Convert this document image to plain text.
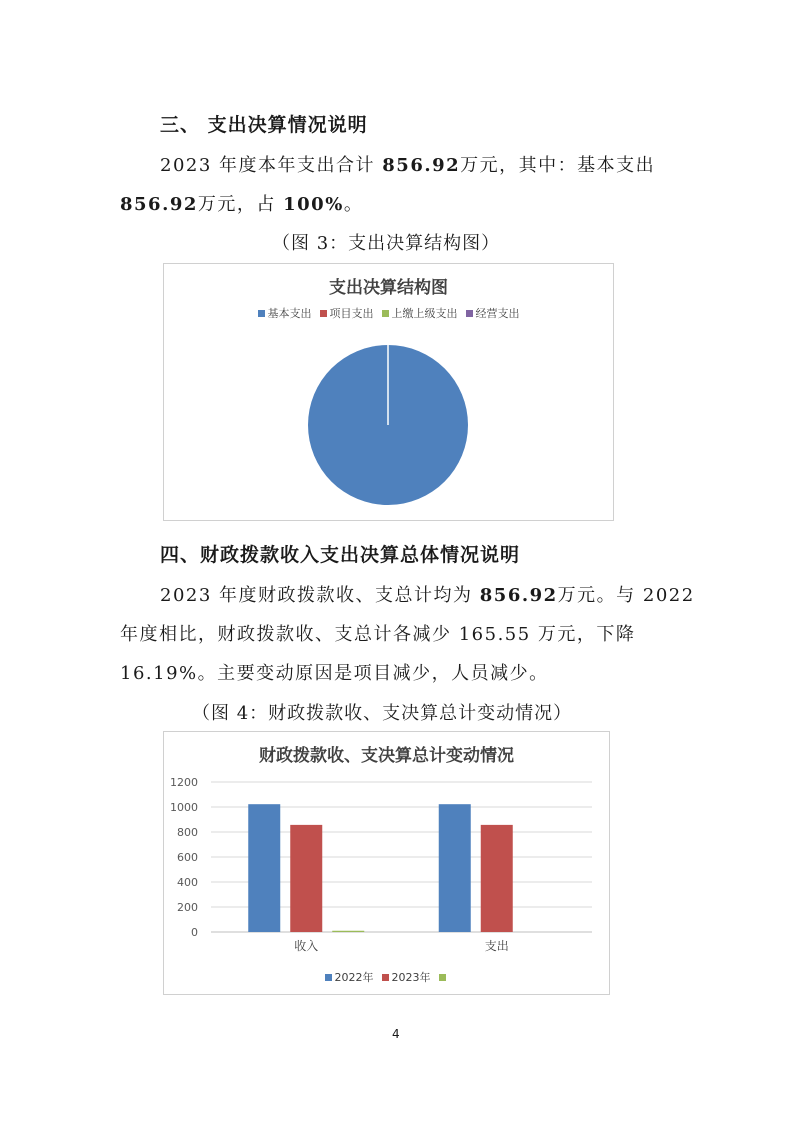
三、 支出决算情况说明
2023 年度本年支出合计 856.92万元，其中：基本支出
856.92万元，占 100%。
（图 3：支出决算结构图）
支出决算结构图
基本支出 项目支出 上缴上级支出 经营支出
四、财政拨款收入支出决算总体情况说明
2023 年度财政拨款收、支总计均为 856.92万元。与 2022
年度相比，财政拨款收、支总计各减少 165.55 万元，下降
16.19%。主要变动原因是项目减少，人员减少。
（图 4：财政拨款收、支决算总计变动情况）
财政拨款收、支决算总计变动情况
0
200
400
600
800
1000
1200
收入	支出
2022年 2023年
4
